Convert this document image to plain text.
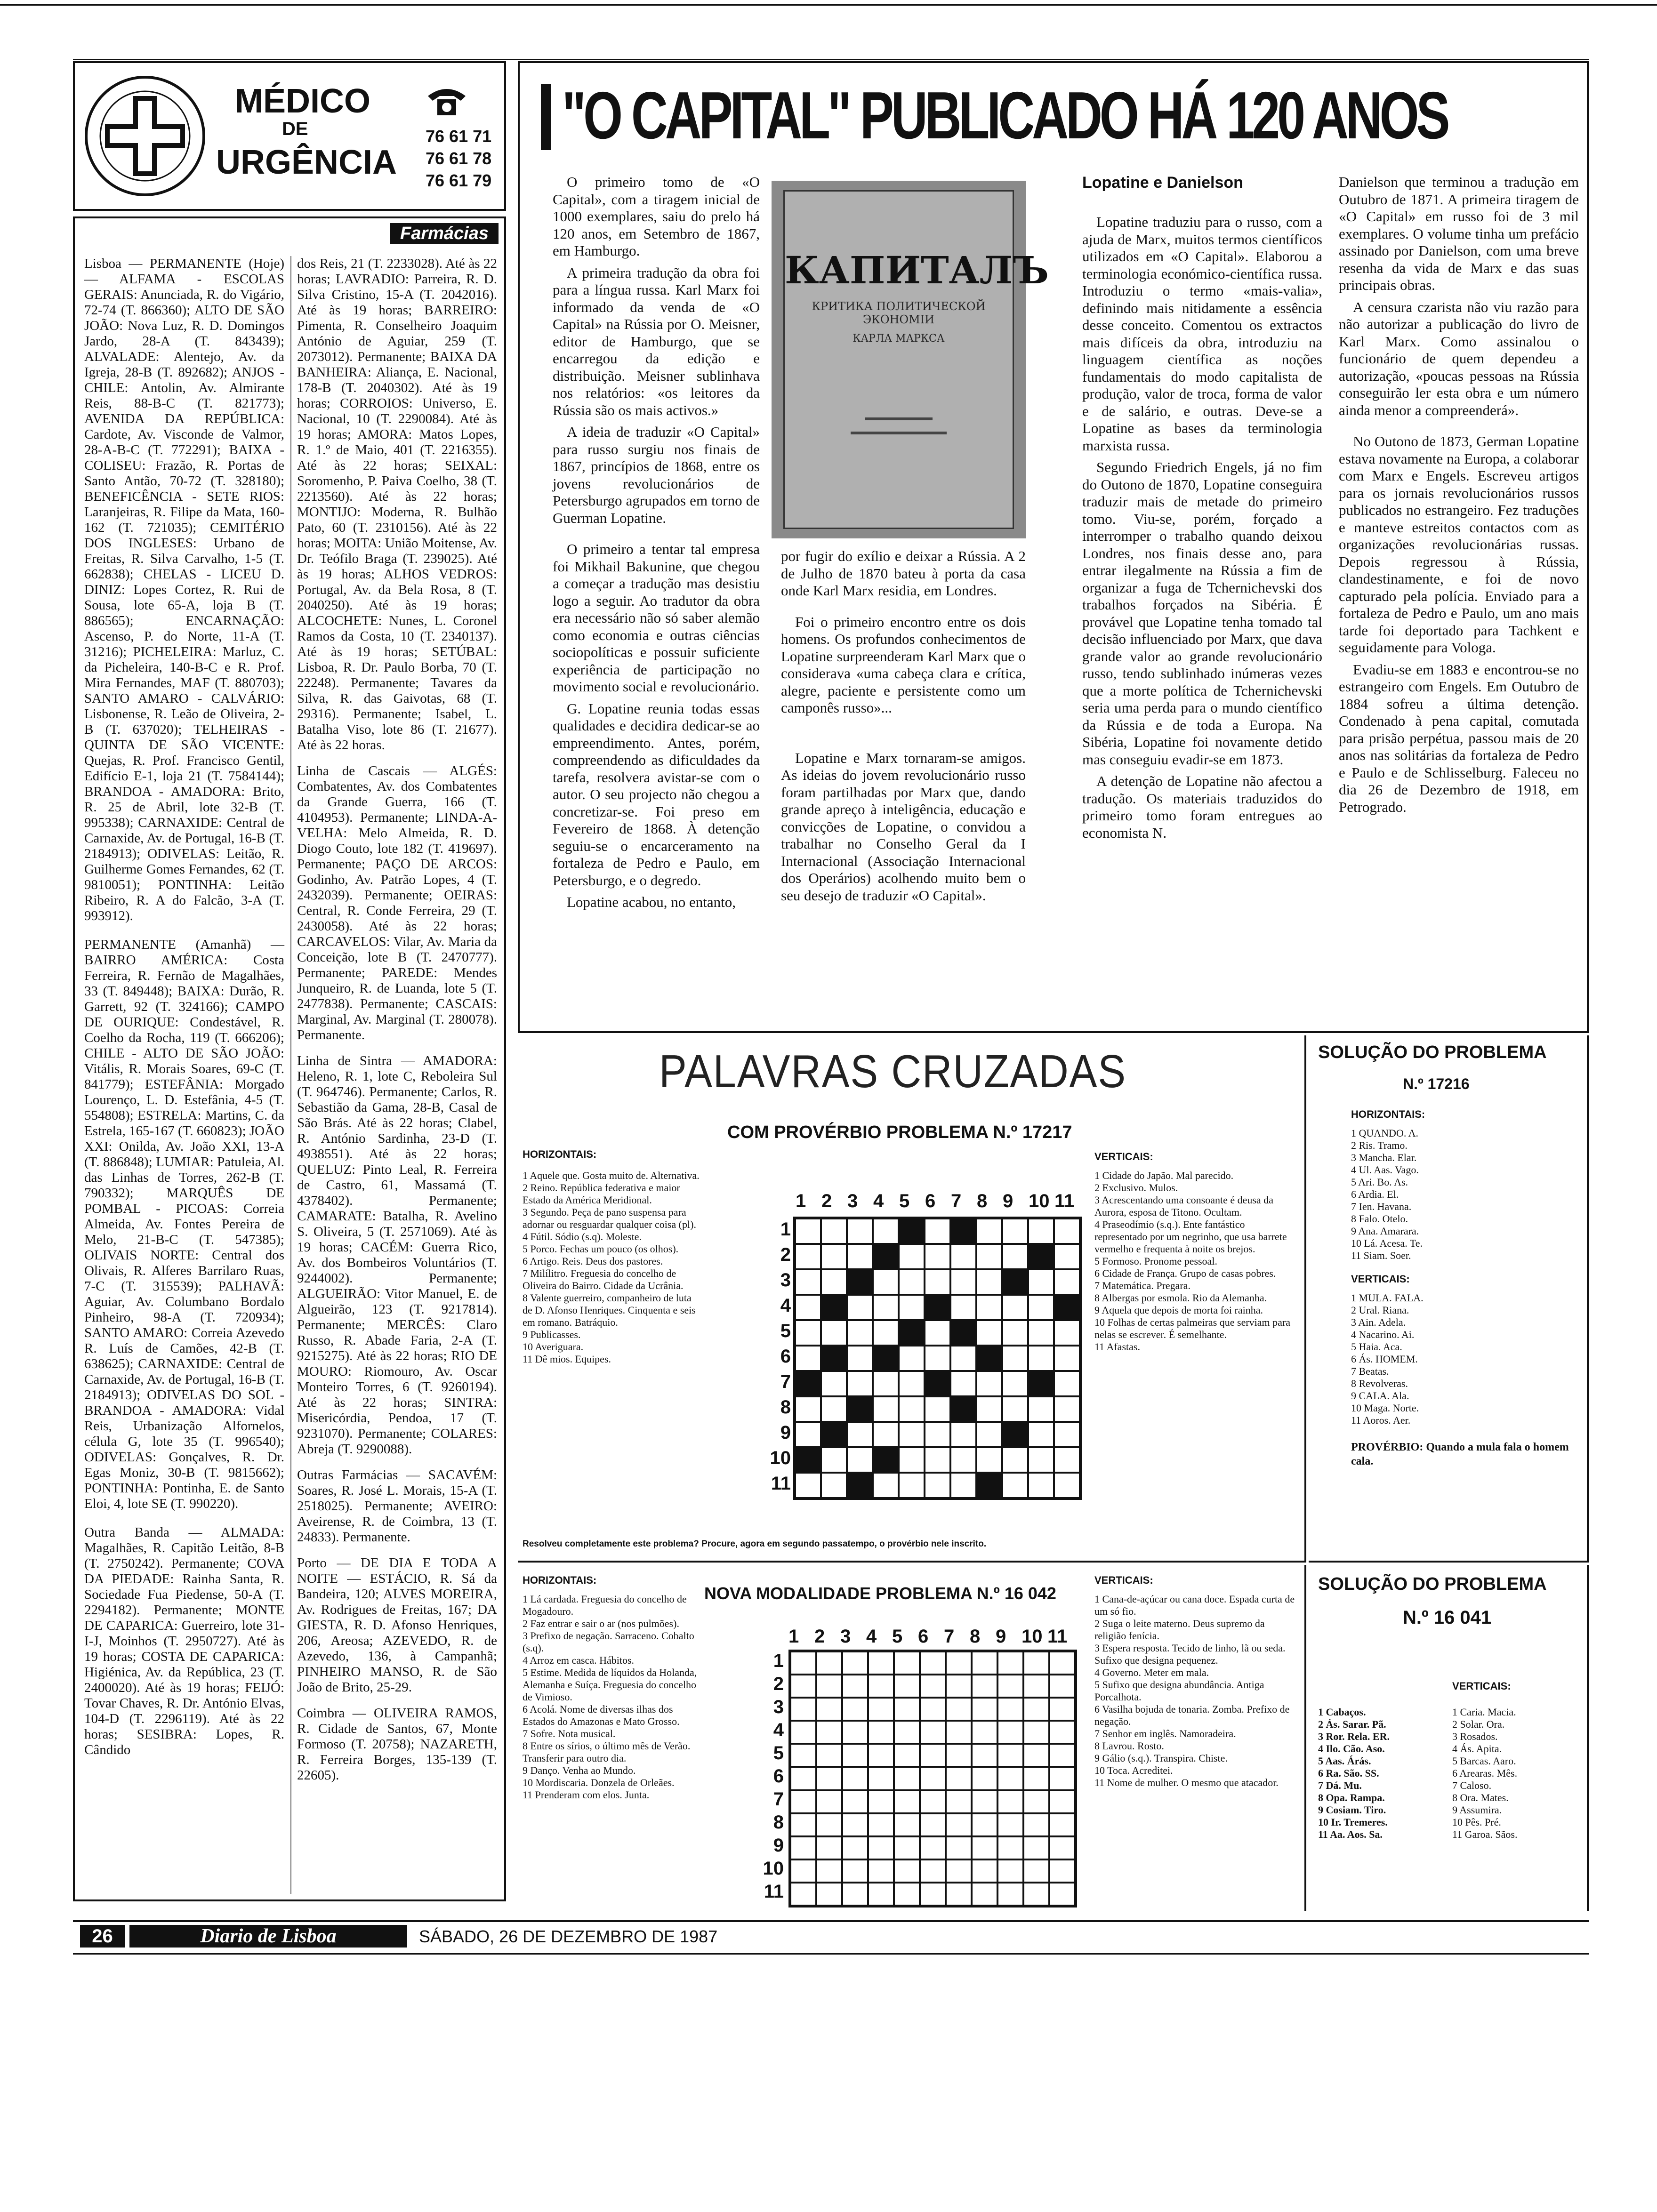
MÉDICO
DE
URGÊNCIA
76 61 71
76 61 78
76 61 79
Farmácias

Lisboa — PERMANENTE (Hoje) — ALFAMA - ESCOLAS GERAIS: Anunciada, R. do Vigário, 72-74 (T. 866360); ALTO DE SÃO JOÃO: Nova Luz, R. D. Domingos Jardo, 28-A (T. 843439); ALVALADE: Alentejo, Av. da Igreja, 28-B (T. 892682); ANJOS - CHILE: Antolin, Av. Almirante Reis, 88-B-C (T. 821773); AVENIDA DA REPÚBLICA: Cardote, Av. Visconde de Valmor, 28-A-B-C (T. 772291); BAIXA - COLISEU: Frazão, R. Portas de Santo Antão, 70-72 (T. 328180); BENEFICÊNCIA - SETE RIOS: Laranjeiras, R. Filipe da Mata, 160-162 (T. 721035); CEMITÉRIO DOS INGLESES: Urbano de Freitas, R. Silva Carvalho, 1-5 (T. 662838); CHELAS - LICEU D. DINIZ: Lopes Cortez, R. Rui de Sousa, lote 65-A, loja B (T. 886565); ENCARNAÇÃO: Ascenso, P. do Norte, 11-A (T. 31216); PICHELEIRA: Marluz, C. da Picheleira, 140-B-C e R. Prof. Mira Fernandes, MAF (T. 880703); SANTO AMARO - CALVÁRIO: Lisbonense, R. Leão de Oliveira, 2-B (T. 637020); TELHEIRAS - QUINTA DE SÃO VICENTE: Quejas, R. Prof. Francisco Gentil, Edifício E-1, loja 21 (T. 7584144); BRANDOA - AMADORA: Brito, R. 25 de Abril, lote 32-B (T. 995338); CARNAXIDE: Central de Carnaxide, Av. de Portugal, 16-B (T. 2184913); ODIVELAS: Leitão, R. Guilherme Gomes Fernandes, 62 (T. 9810051); PONTINHA: Leitão Ribeiro, R. A do Falcão, 3-A (T. 993912).

PERMANENTE (Amanhã) — BAIRRO AMÉRICA: Costa Ferreira, R. Fernão de Magalhães, 33 (T. 849448); BAIXA: Durão, R. Garrett, 92 (T. 324166); CAMPO DE OURIQUE: Condestável, R. Coelho da Rocha, 119 (T. 666206); CHILE - ALTO DE SÃO JOÃO: Vitális, R. Morais Soares, 69-C (T. 841779); ESTEFÂNIA: Morgado Lourenço, L. D. Estefânia, 4-5 (T. 554808); ESTRELA: Martins, C. da Estrela, 165-167 (T. 660823); JOÃO XXI: Onilda, Av. João XXI, 13-A (T. 886848); LUMIAR: Patuleia, Al. das Linhas de Torres, 262-B (T. 790332); MARQUÊS DE POMBAL - PICOAS: Correia Almeida, Av. Fontes Pereira de Melo, 21-B-C (T. 547385); OLIVAIS NORTE: Central dos Olivais, R. Alferes Barrilaro Ruas, 7-C (T. 315539); PALHAVÃ: Aguiar, Av. Columbano Bordalo Pinheiro, 98-A (T. 720934); SANTO AMARO: Correia Azevedo R. Luís de Camões, 42-B (T. 638625); CARNAXIDE: Central de Carnaxide, Av. de Portugal, 16-B (T. 2184913); ODIVELAS DO SOL - BRANDOA - AMADORA: Vidal Reis, Urbanização Alfornelos, célula G, lote 35 (T. 996540); ODIVELAS: Gonçalves, R. Dr. Egas Moniz, 30-B (T. 9815662); PONTINHA: Pontinha, E. de Santo Eloi, 4, lote SE (T. 990220).

Outra Banda — ALMADA: Magalhães, R. Capitão Leitão, 8-B (T. 2750242). Permanente; COVA DA PIEDADE: Rainha Santa, R. Sociedade Fua Piedense, 50-A (T. 2294182). Permanente; MONTE DE CAPARICA: Guerreiro, lote 31-I-J, Moinhos (T. 2950727). Até às 19 horas; COSTA DE CAPARICA: Higiénica, Av. da República, 23 (T. 2400020). Até às 19 horas; FEIJÓ: Tovar Chaves, R. Dr. António Elvas, 104-D (T. 2296119). Até às 22 horas; SESIBRA: Lopes, R. Cândido

dos Reis, 21 (T. 2233028). Até às 22 horas; LAVRADIO: Parreira, R. D. Silva Cristino, 15-A (T. 2042016). Até às 19 horas; BARREIRO: Pimenta, R. Conselheiro Joaquim António de Aguiar, 259 (T. 2073012). Permanente; BAIXA DA BANHEIRA: Aliança, E. Nacional, 178-B (T. 2040302). Até às 19 horas; CORROIOS: Universo, E. Nacional, 10 (T. 2290084). Até às 19 horas; AMORA: Matos Lopes, R. 1.º de Maio, 401 (T. 2216355). Até às 22 horas; SEIXAL: Soromenho, P. Paiva Coelho, 38 (T. 2213560). Até às 22 horas; MONTIJO: Moderna, R. Bulhão Pato, 60 (T. 2310156). Até às 22 horas; MOITA: União Moitense, Av. Dr. Teófilo Braga (T. 239025). Até às 19 horas; ALHOS VEDROS: Portugal, Av. da Bela Rosa, 8 (T. 2040250). Até às 19 horas; ALCOCHETE: Nunes, L. Coronel Ramos da Costa, 10 (T. 2340137). Até às 19 horas; SETÚBAL: Lisboa, R. Dr. Paulo Borba, 70 (T. 22248). Permanente; Tavares da Silva, R. das Gaivotas, 68 (T. 29316). Permanente; Isabel, L. Batalha Viso, lote 86 (T. 21677). Até às 22 horas.

Linha de Cascais — ALGÉS: Combatentes, Av. dos Combatentes da Grande Guerra, 166 (T. 4104953). Permanente; LINDA-A-VELHA: Melo Almeida, R. D. Diogo Couto, lote 182 (T. 419697). Permanente; PAÇO DE ARCOS: Godinho, Av. Patrão Lopes, 4 (T. 2432039). Permanente; OEIRAS: Central, R. Conde Ferreira, 29 (T. 2430058). Até às 22 horas; CARCAVELOS: Vilar, Av. Maria da Conceição, lote B (T. 2470777). Permanente; PAREDE: Mendes Junqueiro, R. de Luanda, lote 5 (T. 2477838). Permanente; CASCAIS: Marginal, Av. Marginal (T. 280078). Permanente.

Linha de Sintra — AMADORA: Heleno, R. 1, lote C, Reboleira Sul (T. 964746). Permanente; Carlos, R. Sebastião da Gama, 28-B, Casal de São Brás. Até às 22 horas; Clabel, R. António Sardinha, 23-D (T. 4938551). Até às 22 horas; QUELUZ: Pinto Leal, R. Ferreira de Castro, 61, Massamá (T. 4378402). Permanente; CAMARATE: Batalha, R. Avelino S. Oliveira, 5 (T. 2571069). Até às 19 horas; CACÉM: Guerra Rico, Av. dos Bombeiros Voluntários (T. 9244002). Permanente; ALGUEIRÃO: Vitor Manuel, E. de Algueirão, 123 (T. 9217814). Permanente; MERCÊS: Claro Russo, R. Abade Faria, 2-A (T. 9215275). Até às 22 horas; RIO DE MOURO: Riomouro, Av. Oscar Monteiro Torres, 6 (T. 9260194). Até às 22 horas; SINTRA: Misericórdia, Pendoa, 17 (T. 9231070). Permanente; COLARES: Abreja (T. 9290088).

Outras Farmácias — SACAVÉM: Soares, R. José L. Morais, 15-A (T. 2518025). Permanente; AVEIRO: Aveirense, R. de Coimbra, 13 (T. 24833). Permanente.

Porto — DE DIA E TODA A NOITE — ESTÁCIO, R. Sá da Bandeira, 120; ALVES MOREIRA, Av. Rodrigues de Freitas, 167; DA GIESTA, R. D. Afonso Henriques, 206, Areosa; AZEVEDO, R. de Azevedo, 136, à Campanhã; PINHEIRO MANSO, R. de São João de Brito, 25-29.

Coimbra — OLIVEIRA RAMOS, R. Cidade de Santos, 67, Monte Formoso (T. 20758); NAZARETH, R. Ferreira Borges, 135-139 (T. 22605).

"O CAPITAL" PUBLICADO HÁ 120 ANOS

O primeiro tomo de «O Capital», com a tiragem inicial de 1000 exemplares, saiu do prelo há 120 anos, em Setembro de 1867, em Hamburgo.

A primeira tradução da obra foi para a língua russa. Karl Marx foi informado da venda de «O Capital» na Rússia por O. Meisner, editor de Hamburgo, que se encarregou da edição e distribuição. Meisner sublinhava nos relatórios: «os leitores da Rússia são os mais activos.»

A ideia de traduzir «O Capital» para russo surgiu nos finais de 1867, princípios de 1868, entre os jovens revolucionários de Petersburgo agrupados em torno de Guerman Lopatine.

O primeiro a tentar tal empresa foi Mikhail Bakunine, que chegou a começar a tradução mas desistiu logo a seguir. Ao tradutor da obra era necessário não só saber alemão como economia e outras ciências sociopolíticas e possuir suficiente experiência de participação no movimento social e revolucionário.

G. Lopatine reunia todas essas qualidades e decidira dedicar-se ao empreendimento. Antes, porém, compreendendo as dificuldades da tarefa, resolvera avistar-se com o autor. O seu projecto não chegou a concretizar-se. Foi preso em Fevereiro de 1868. À detenção seguiu-se o encarceramento na fortaleza de Pedro e Paulo, em Petersburgo, e o degredo.

Lopatine acabou, no entanto,

КАПИТАЛЪ
КРИТИКА ПОЛИТИЧЕСКОЙ ЭКОНОМІИ
КАРЛА МАРКСА

por fugir do exílio e deixar a Rússia. A 2 de Julho de 1870 bateu à porta da casa onde Karl Marx residia, em Londres.

Foi o primeiro encontro entre os dois homens. Os profundos conhecimentos de Lopatine surpreenderam Karl Marx que o considerava «uma cabeça clara e crítica, alegre, paciente e persistente como um camponês russo»...

Lopatine e Marx tornaram-se amigos. As ideias do jovem revolucionário russo foram partilhadas por Marx que, dando grande apreço à inteligência, educação e convicções de Lopatine, o convidou a trabalhar no Conselho Geral da I Internacional (Associação Internacional dos Operários) acolhendo muito bem o seu desejo de traduzir «O Capital».

Lopatine e Danielson

Lopatine traduziu para o russo, com a ajuda de Marx, muitos termos científicos utilizados em «O Capital». Elaborou a terminologia económico-científica russa. Introduziu o termo «mais-valia», definindo mais nitidamente a essência desse conceito. Comentou os extractos mais difíceis da obra, introduziu na linguagem científica as noções fundamentais do modo capitalista de produção, valor de troca, forma de valor e de salário, e outras. Deve-se a Lopatine as bases da terminologia marxista russa.

Segundo Friedrich Engels, já no fim do Outono de 1870, Lopatine conseguira traduzir mais de metade do primeiro tomo. Viu-se, porém, forçado a interromper o trabalho quando deixou Londres, nos finais desse ano, para entrar ilegalmente na Rússia a fim de organizar a fuga de Tchernichevski dos trabalhos forçados na Sibéria. É provável que Lopatine tenha tomado tal decisão influenciado por Marx, que dava grande valor ao grande revolucionário russo, tendo sublinhado inúmeras vezes que a morte política de Tchernichevski seria uma perda para o mundo científico da Rússia e de toda a Europa. Na Sibéria, Lopatine foi novamente detido mas conseguiu evadir-se em 1873.

A detenção de Lopatine não afectou a tradução. Os materiais traduzidos do primeiro tomo foram entregues ao economista N.

Danielson que terminou a tradução em Outubro de 1871. A primeira tiragem de «O Capital» em russo foi de 3 mil exemplares. O volume tinha um prefácio assinado por Danielson, com uma breve resenha da vida de Marx e das suas principais obras.

A censura czarista não viu razão para não autorizar a publicação do livro de Karl Marx. Como assinalou o funcionário de quem dependeu a autorização, «poucas pessoas na Rússia conseguirão ler esta obra e um número ainda menor a compreenderá».

No Outono de 1873, German Lopatine estava novamente na Europa, a colaborar com Marx e Engels. Escreveu artigos para os jornais revolucionários russos publicados no estrangeiro. Fez traduções e manteve estreitos contactos com as organizações revolucionárias russas. Depois regressou à Rússia, clandestinamente, e foi de novo capturado pela polícia. Enviado para a fortaleza de Pedro e Paulo, um ano mais tarde foi deportado para Tachkent e seguidamente para Vologa.

Evadiu-se em 1883 e encontrou-se no estrangeiro com Engels. Em Outubro de 1884 sofreu a última detenção. Condenado à pena capital, comutada para prisão perpétua, passou mais de 20 anos nas solitárias da fortaleza de Pedro e Paulo e de Schlisselburg. Faleceu no dia 26 de Dezembro de 1918, em Petrogrado.

PALAVRAS CRUZADAS
COM PROVÉRBIO PROBLEMA N.º 17217
HORIZONTAIS:
1 Aquele que. Gosta muito de. Alternativa.
2 Reino. República federativa e maior Estado da América Meridional.
3 Segundo. Peça de pano suspensa para adornar ou resguardar qualquer coisa (pl).
4 Fútil. Sódio (s.q). Moleste.
5 Porco. Fechas um pouco (os olhos).
6 Artigo. Reis. Deus dos pastores.
7 Milílitro. Freguesia do concelho de Oliveira do Bairro. Cidade da Ucrânia.
8 Valente guerreiro, companheiro de luta de D. Afonso Henriques. Cinquenta e seis em romano. Batráquio.
9 Publicasses.
10 Averiguara.
11 Dê mios. Equipes.
1 2 3 4 5 6 7 8 9 10 11
1
2
3
4
5
6
7
8
9
10
11
VERTICAIS:
1 Cidade do Japão. Mal parecido.
2 Exclusivo. Mulos.
3 Acrescentando uma consoante é deusa da Aurora, esposa de Titono. Ocultam.
4 Praseodímio (s.q.). Ente fantástico representado por um negrinho, que usa barrete vermelho e frequenta à noite os brejos.
5 Formoso. Pronome pessoal.
6 Cidade de França. Grupo de casas pobres.
7 Matemática. Pregara.
8 Albergas por esmola. Rio da Alemanha.
9 Aquela que depois de morta foi rainha.
10 Folhas de certas palmeiras que serviam para nelas se escrever. É semelhante.
11 Afastas.
Resolveu completamente este problema? Procure, agora em segundo passatempo, o provérbio nele inscrito.
SOLUÇÃO DO PROBLEMA
N.º 17216
HORIZONTAIS:
1 QUANDO. A.
2 Ris. Tramo.
3 Mancha. Elar.
4 Ul. Aas. Vago.
5 Ari. Bo. As.
6 Ardia. El.
7 Ien. Havana.
8 Falo. Otelo.
9 Ana. Amarara.
10 Lá. Acesa. Te.
11 Siam. Soer.
VERTICAIS:
1 MULA. FALA.
2 Ural. Riana.
3 Ain. Adela.
4 Nacarino. Ai.
5 Haia. Aca.
6 Ás. HOMEM.
7 Beatas.
8 Revolveras.
9 CALA. Ala.
10 Maga. Norte.
11 Aoros. Aer.
PROVÉRBIO: Quando a mula fala o homem cala.
HORIZONTAIS:
1 Lá cardada. Freguesia do concelho de Mogadouro.
2 Faz entrar e sair o ar (nos pulmões).
3 Prefixo de negação. Sarraceno. Cobalto (s.q).
4 Arroz em casca. Hábitos.
5 Estime. Medida de líquidos da Holanda, Alemanha e Suíça. Freguesia do concelho de Vimioso.
6 Acolá. Nome de diversas ilhas dos Estados do Amazonas e Mato Grosso.
7 Sofre. Nota musical.
8 Entre os sírios, o último mês de Verão. Transferir para outro dia.
9 Danço. Venha ao Mundo.
10 Mordiscaria. Donzela de Orleães.
11 Prenderam com elos. Junta.
NOVA MODALIDADE PROBLEMA N.º 16 042
1 2 3 4 5 6 7 8 9 10 11
1
2
3
4
5
6
7
8
9
10
11
VERTICAIS:
1 Cana-de-açúcar ou cana doce. Espada curta de um só fio.
2 Suga o leite materno. Deus supremo da religião fenícia.
3 Espera resposta. Tecido de linho, lã ou seda. Sufixo que designa pequenez.
4 Governo. Meter em mala.
5 Sufixo que designa abundância. Antiga Porcalhota.
6 Vasilha bojuda de tonaria. Zomba. Prefixo de negação.
7 Senhor em inglês. Namoradeira.
8 Lavrou. Rosto.
9 Gálio (s.q.). Transpira. Chiste.
10 Toca. Acreditei.
11 Nome de mulher. O mesmo que atacador.
SOLUÇÃO DO PROBLEMA
N.º 16 041
HORIZONTAIS:
VERTICAIS:
1 Cabaços.
2 Ás. Sarar. Pã.
3 Ror. Rela. ER.
4 Ilo. Cão. Aso.
5 Aas. Árás.
6 Ra. São. SS.
7 Dá. Mu.
8 Opa. Rampa.
9 Cosiam. Tiro.
10 Ir. Tremeres.
11 Aa. Aos. Sa.
1 Caria. Macia.
2 Solar. Ora.
3 Rosados.
4 Ás. Apita.
5 Barcas. Aaro.
6 Arearas. Mês.
7 Caloso.
8 Ora. Mates.
9 Assumira.
10 Pês. Pré.
11 Garoa. Sãos.
26	Diario de Lisboa	SÁBADO, 26 DE DEZEMBRO DE 1987
